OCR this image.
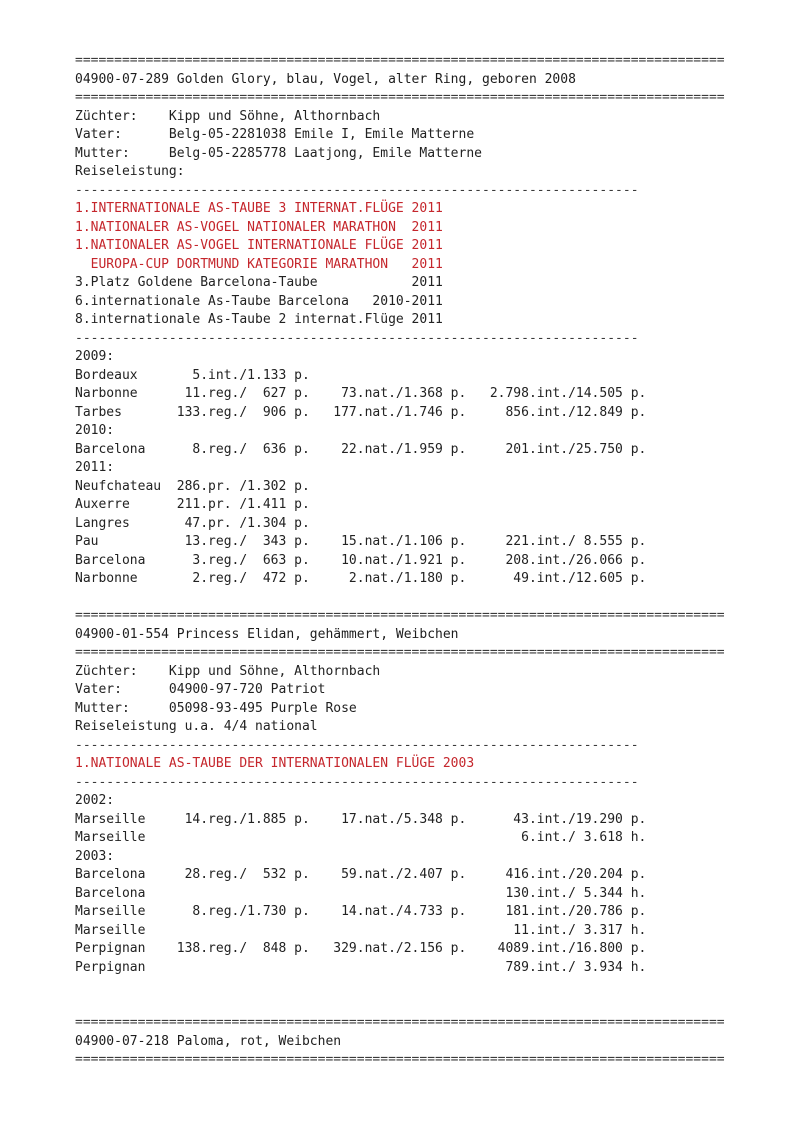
===================================================================================
04900-07-289 Golden Glory, blau, Vogel, alter Ring, geboren 2008
===================================================================================
Züchter:    Kipp und Söhne, Althornbach
Vater:      Belg-05-2281038 Emile I, Emile Matterne
Mutter:     Belg-05-2285778 Laatjong, Emile Matterne
Reiseleistung:
------------------------------------------------------------------------
1.INTERNATIONALE AS-TAUBE 3 INTERNAT.FLÜGE 2011
1.NATIONALER AS-VOGEL NATIONALER MARATHON  2011
1.NATIONALER AS-VOGEL INTERNATIONALE FLÜGE 2011
EUROPA-CUP DORTMUND KATEGORIE MARATHON   2011
3.Platz Goldene Barcelona-Taube            2011
6.internationale As-Taube Barcelona   2010-2011
8.internationale As-Taube 2 internat.Flüge 2011
------------------------------------------------------------------------
2009:
Bordeaux       5.int./1.133 p.
Narbonne      11.reg./  627 p.    73.nat./1.368 p.   2.798.int./14.505 p.
Tarbes       133.reg./  906 p.   177.nat./1.746 p.     856.int./12.849 p.
2010:
Barcelona      8.reg./  636 p.    22.nat./1.959 p.     201.int./25.750 p.
2011:
Neufchateau  286.pr. /1.302 p.
Auxerre      211.pr. /1.411 p.
Langres       47.pr. /1.304 p.
Pau           13.reg./  343 p.    15.nat./1.106 p.     221.int./ 8.555 p.
Barcelona      3.reg./  663 p.    10.nat./1.921 p.     208.int./26.066 p.
Narbonne       2.reg./  472 p.     2.nat./1.180 p.      49.int./12.605 p.

===================================================================================
04900-01-554 Princess Elidan, gehämmert, Weibchen
===================================================================================
Züchter:    Kipp und Söhne, Althornbach
Vater:      04900-97-720 Patriot
Mutter:     05098-93-495 Purple Rose
Reiseleistung u.a. 4/4 national
------------------------------------------------------------------------
1.NATIONALE AS-TAUBE DER INTERNATIONALEN FLÜGE 2003
------------------------------------------------------------------------
2002:
Marseille     14.reg./1.885 p.    17.nat./5.348 p.      43.int./19.290 p.
Marseille                                                6.int./ 3.618 h.
2003:
Barcelona     28.reg./  532 p.    59.nat./2.407 p.     416.int./20.204 p.
Barcelona                                              130.int./ 5.344 h.
Marseille      8.reg./1.730 p.    14.nat./4.733 p.     181.int./20.786 p.
Marseille                                               11.int./ 3.317 h.
Perpignan    138.reg./  848 p.   329.nat./2.156 p.    4089.int./16.800 p.
Perpignan                                              789.int./ 3.934 h.

===================================================================================
04900-07-218 Paloma, rot, Weibchen
===================================================================================
